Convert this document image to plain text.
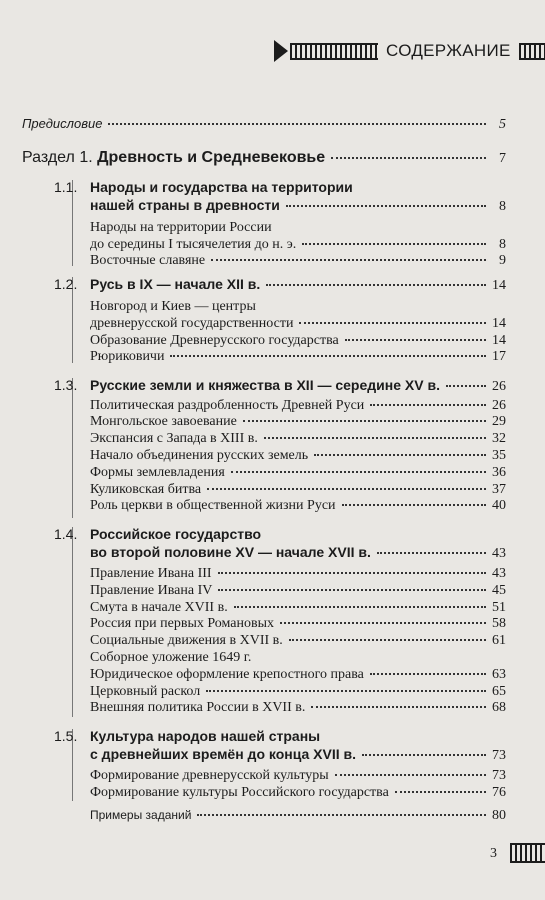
СОДЕРЖАНИЕ
Предисловие	5
Раздел 1. Древность и Средневековье	7
1.1. Народы и государства на территории
нашей страны в древности	8
Народы на территории России
до середины I тысячелетия до н. э.	8
Восточные славяне	9
1.2. Русь в IX — начале XII в.	14
Новгород и Киев — центры
древнерусской государственности	14
Образование Древнерусского государства	14
Рюриковичи	17
1.3. Русские земли и княжества в XII — середине XV в.	26
Политическая раздробленность Древней Руси	26
Монгольское завоевание	29
Экспансия с Запада в XIII в.	32
Начало объединения русских земель	35
Формы землевладения	36
Куликовская битва	37
Роль церкви в общественной жизни Руси	40
1.4. Российское государство
во второй половине XV — начале XVII в.	43
Правление Ивана III	43
Правление Ивана IV	45
Смута в начале XVII в.	51
Россия при первых Романовых	58
Социальные движения в XVII в.	61
Соборное уложение 1649 г.
Юридическое оформление крепостного права	63
Церковный раскол	65
Внешняя политика России в XVII в.	68
1.5. Культура народов нашей страны
с древнейших времён до конца XVII в.	73
Формирование древнерусской культуры	73
Формирование культуры Российского государства	76
Примеры заданий	80
3
